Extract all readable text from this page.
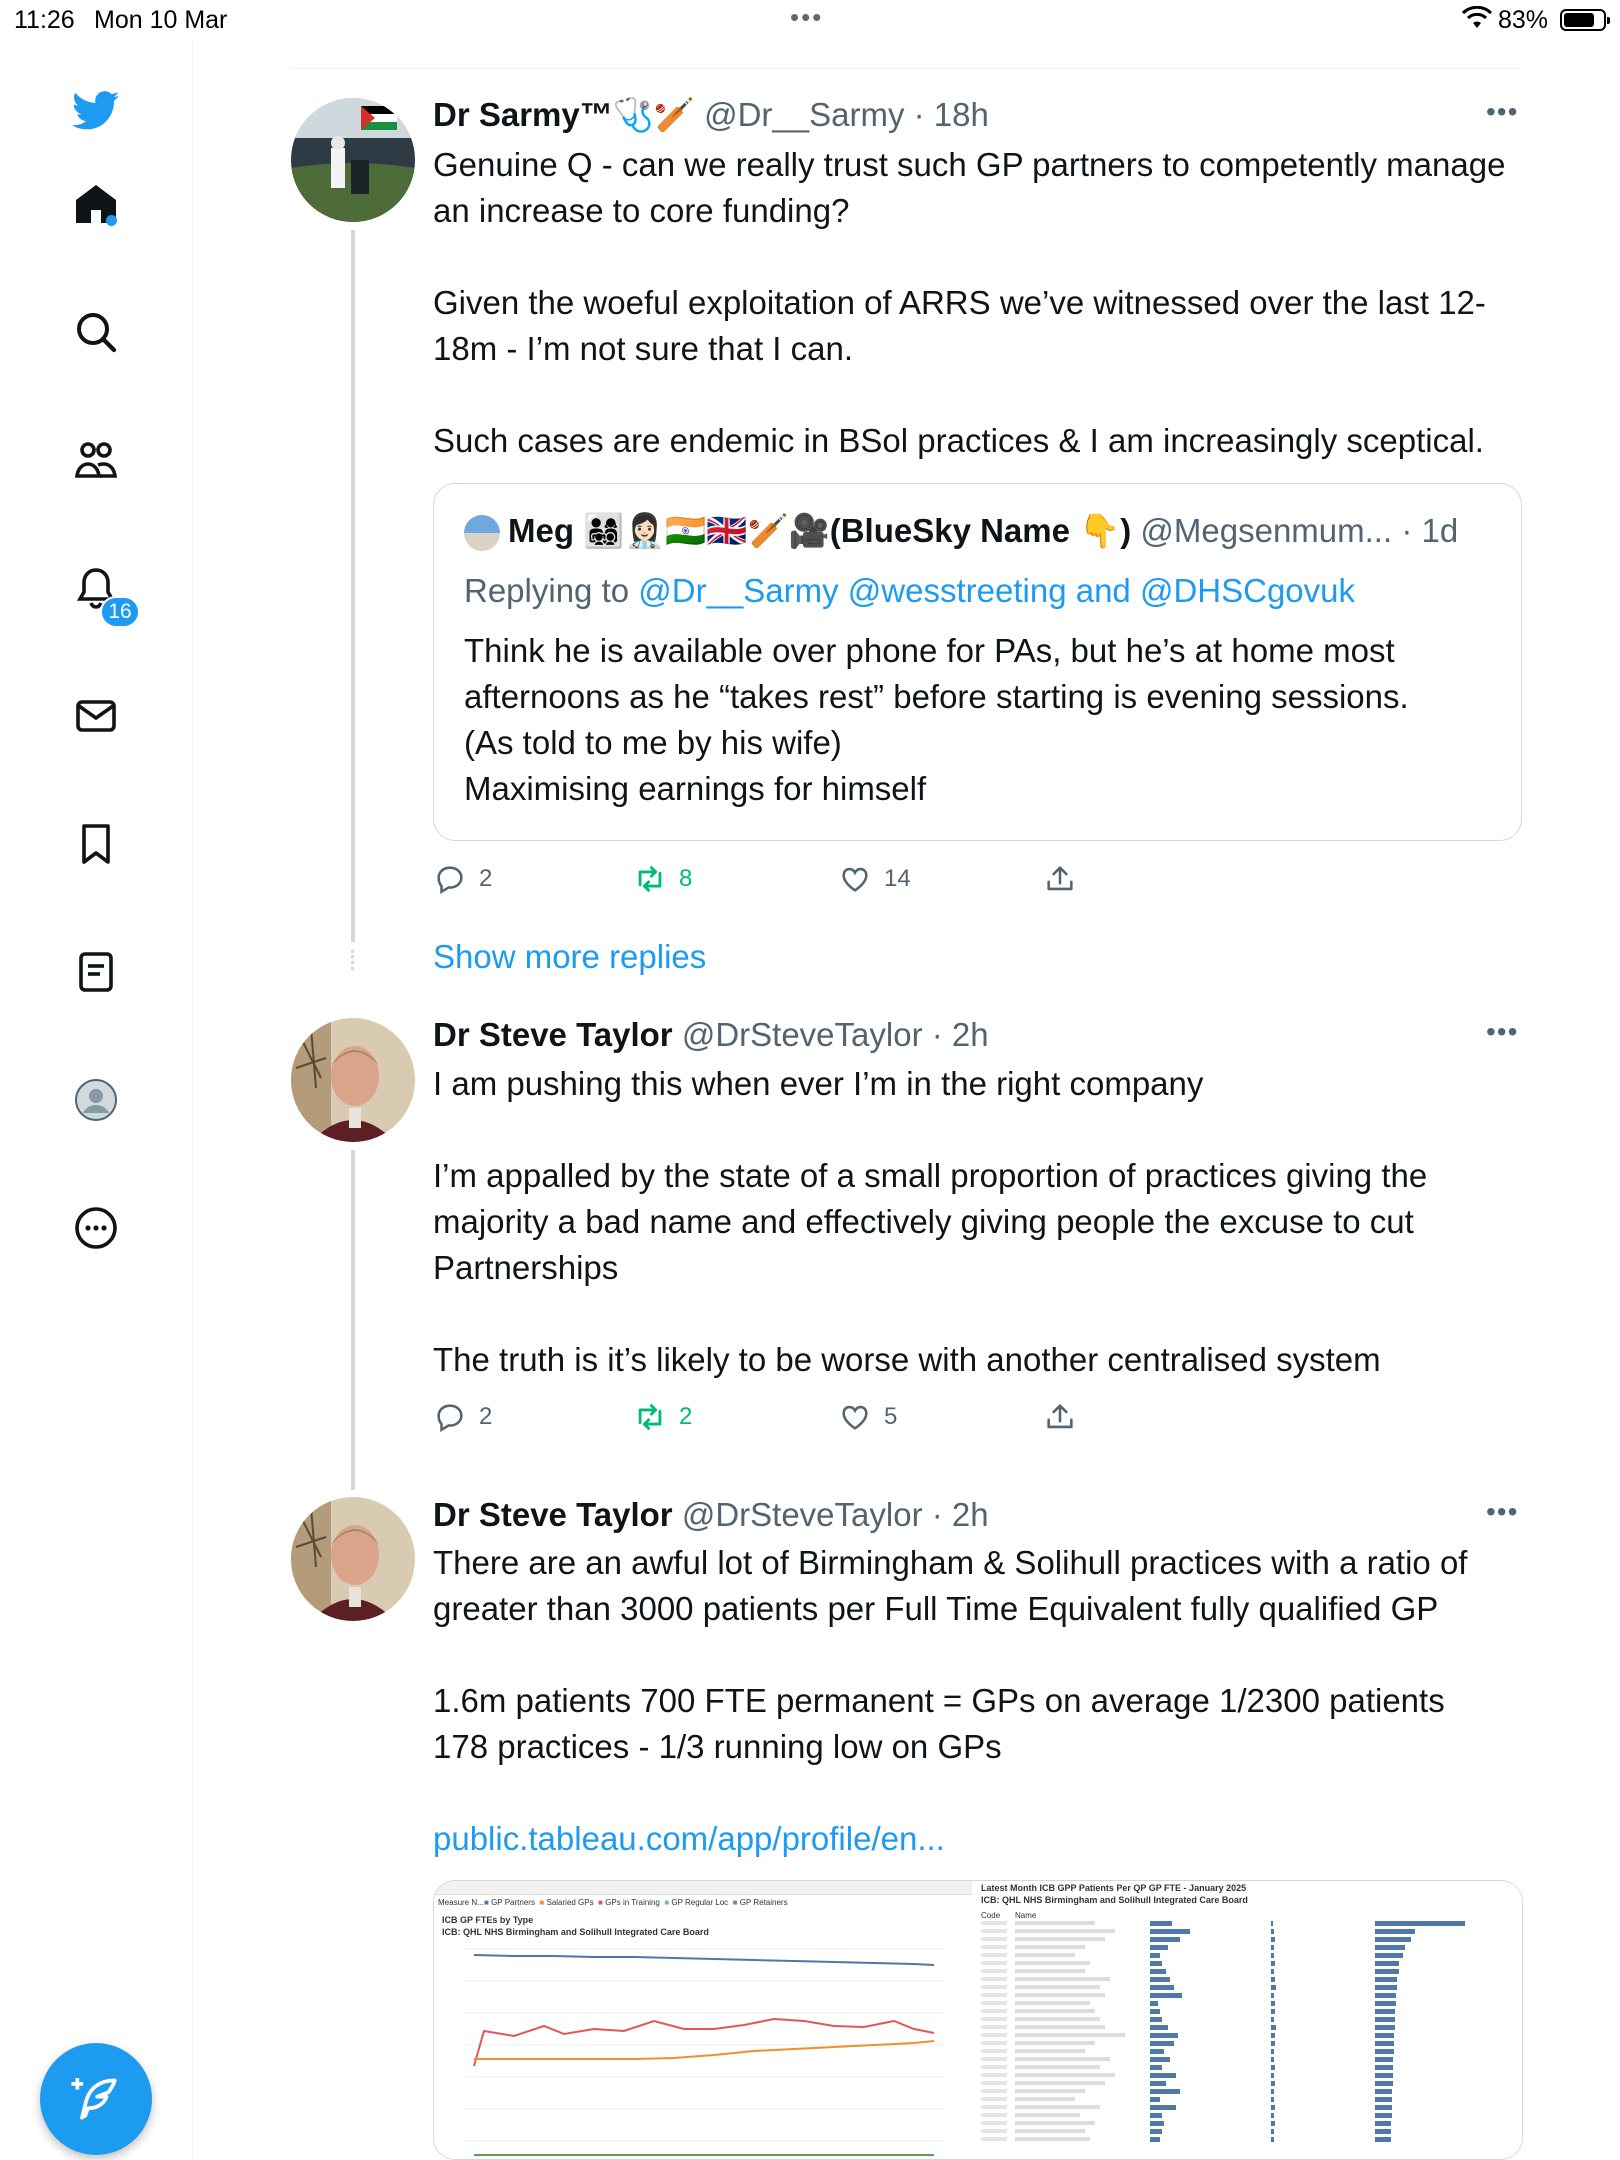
11:26 Mon 10 Mar	•••	83%
16
Dr Sarmy™🩺🏏 @Dr__Sarmy · 18h	•••
Genuine Q - can we really trust such GP partners to competently manage an increase to core funding?

Given the woeful exploitation of ARRS we’ve witnessed over the last 12-18m - I’m not sure that I can.

Such cases are endemic in BSol practices & I am increasingly sceptical.
Meg 👨‍👩‍👧‍👦👩🏻‍⚕️🇮🇳🇬🇧🏏🎥(BlueSky Name 👇) @Megsenmum... · 1d
Replying to @Dr__Sarmy @wesstreeting and @DHSCgovuk
Think he is available over phone for PAs, but he’s at home most afternoons as he “takes rest” before starting is evening sessions.
(As told to me by his wife)
Maximising earnings for himself
2	8	14
Show more replies
Dr Steve Taylor @DrSteveTaylor · 2h	•••
I am pushing this when ever I’m in the right company

I’m appalled by the state of a small proportion of practices giving the majority a bad name and effectively giving people the excuse to cut Partnerships

The truth is it’s likely to be worse with another centralised system
2	2	5
Dr Steve Taylor @DrSteveTaylor · 2h	•••
There are an awful lot of Birmingham & Solihull practices with a ratio of greater than 3000 patients per Full Time Equivalent fully qualified GP

1.6m patients 700 FTE permanent = GPs on average 1/2300 patients
178 practices - 1/3 running low on GPs
public.tableau.com/app/profile/en...
Measure N... ■ GP Partners ■ Salaried GPs ■ GPs in Training ■ GP Regular Loc ■ GP Retainers
ICB GP FTEs by Type
ICB: QHL NHS Birmingham and Solihull Integrated Care Board
Latest Month ICB GPP Patients Per QP GP FTE - January 2025
ICB: QHL NHS Birmingham and Solihull Integrated Care Board
Code Name
